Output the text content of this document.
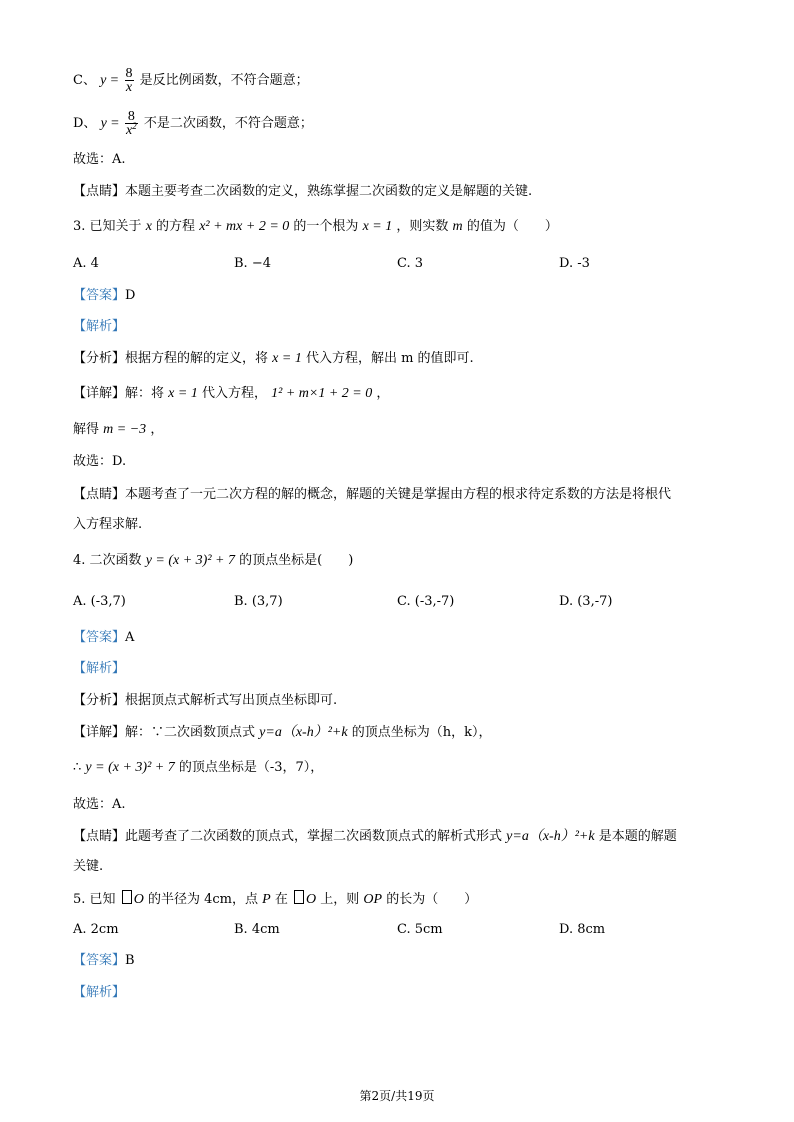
C、 $y = \frac{8}{x}$ 是反比例函数，不符合题意；
D、 $y = \frac{8}{x^2}$ 不是二次函数，不符合题意；
故选：A.
【点睛】本题主要考查二次函数的定义，熟练掌握二次函数的定义是解题的关键.
3. 已知关于 x 的方程 x² + mx + 2 = 0 的一个根为 x = 1 ，则实数 m 的值为（　　）
A. 4	B. −4	C. 3	D. -3
【答案】D
【解析】
【分析】根据方程的解的定义，将 x = 1 代入方程，解出 m 的值即可.
【详解】解：将 x = 1 代入方程， 1² + m×1 + 2 = 0 ，
解得 m = −3 ，
故选：D.
【点睛】本题考查了一元二次方程的解的概念，解题的关键是掌握由方程的根求待定系数的方法是将根代
入方程求解.
4. 二次函数 y = (x + 3)² + 7 的顶点坐标是(　　)
A. (-3,7)	B. (3,7)	C. (-3,-7)	D. (3,-7)
【答案】A
【解析】
【分析】根据顶点式解析式写出顶点坐标即可.
【详解】解：∵二次函数顶点式 y=a（x-h）²+k 的顶点坐标为（h，k），
∴ y = (x + 3)² + 7 的顶点坐标是（-3，7），
故选：A.
【点睛】此题考查了二次函数的顶点式，掌握二次函数顶点式的解析式形式 y=a（x-h）²+k 是本题的解题
关键.
5. 已知 O 的半径为 4cm，点 P 在 O 上，则 OP 的长为（　　）
A. 2cm	B. 4cm	C. 5cm	D. 8cm
【答案】B
【解析】
第2页/共19页
